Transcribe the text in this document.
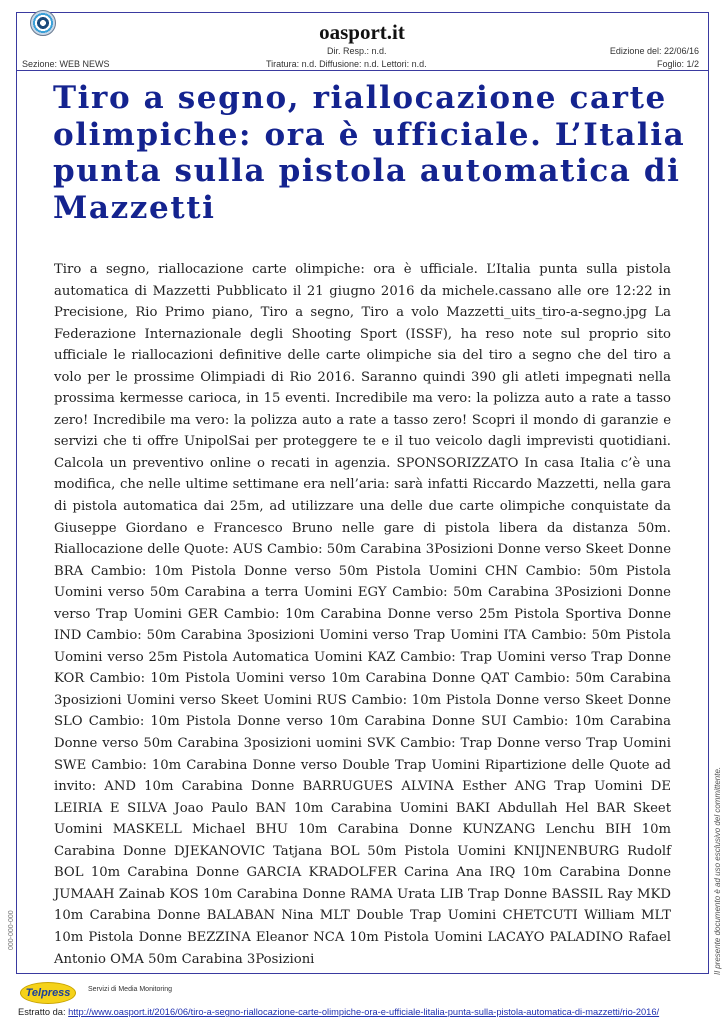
oasport.it
Dir. Resp.: n.d.	Edizione del: 22/06/16
Sezione: WEB NEWS	Tiratura: n.d. Diffusione: n.d. Lettori: n.d.	Foglio: 1/2
Tiro a segno, riallocazione carte olimpiche: ora è ufficiale. L’Italia punta sulla pistola automatica di Mazzetti

Tiro a segno, riallocazione carte olimpiche: ora è ufficiale. L’Italia punta sulla pistola automatica di Mazzetti Pubblicato il 21 giugno 2016 da michele.cassano alle ore 12:22 in Precisione, Rio Primo piano, Tiro a segno, Tiro a volo Mazzetti_uits_tiro-a-segno.jpg La Federazione Internazionale degli Shooting Sport (ISSF), ha reso note sul proprio sito ufficiale le riallocazioni definitive delle carte olimpiche sia del tiro a segno che del tiro a volo per le prossime Olimpiadi di Rio 2016. Saranno quindi 390 gli atleti impegnati nella prossima kermesse carioca, in 15 eventi. Incredibile ma vero: la polizza auto a rate a tasso zero! Incredibile ma vero: la polizza auto a rate a tasso zero! Scopri il mondo di garanzie e servizi che ti offre UnipolSai per proteggere te e il tuo veicolo dagli imprevisti quotidiani. Calcola un preventivo online o recati in agenzia. SPONSORIZZATO In casa Italia c’è una modifica, che nelle ultime settimane era nell’aria: sarà infatti Riccardo Mazzetti, nella gara di pistola automatica dai 25m, ad utilizzare una delle due carte olimpiche conquistate da Giuseppe Giordano e Francesco Bruno nelle gare di pistola libera da distanza 50m. Riallocazione delle Quote: AUS Cambio: 50m Carabina 3Posizioni Donne verso Skeet Donne BRA Cambio: 10m Pistola Donne verso 50m Pistola Uomini CHN Cambio: 50m Pistola Uomini verso 50m Carabina a terra Uomini EGY Cambio: 50m Carabina 3Posizioni Donne verso Trap Uomini GER Cambio: 10m Carabina Donne verso 25m Pistola Sportiva Donne IND Cambio: 50m Carabina 3posizioni Uomini verso Trap Uomini ITA Cambio: 50m Pistola Uomini verso 25m Pistola Automatica Uomini KAZ Cambio: Trap Uomini verso Trap Donne KOR Cambio: 10m Pistola Uomini verso 10m Carabina Donne QAT Cambio: 50m Carabina 3posizioni Uomini verso Skeet Uomini RUS Cambio: 10m Pistola Donne verso Skeet Donne SLO Cambio: 10m Pistola Donne verso 10m Carabina Donne SUI Cambio: 10m Carabina Donne verso 50m Carabina 3posizioni uomini SVK Cambio: Trap Donne verso Trap Uomini SWE Cambio: 10m Carabina Donne verso Double Trap Uomini Ripartizione delle Quote ad invito: AND 10m Carabina Donne BARRUGUES ALVINA Esther ANG Trap Uomini DE LEIRIA E SILVA Joao Paulo BAN 10m Carabina Uomini BAKI Abdullah Hel BAR Skeet Uomini MASKELL Michael BHU 10m Carabina Donne KUNZANG Lenchu BIH 10m Carabina Donne DJEKANOVIC Tatjana BOL 50m Pistola Uomini KNIJNENBURG Rudolf BOL 10m Carabina Donne GARCIA KRADOLFER Carina Ana IRQ 10m Carabina Donne JUMAAH Zainab KOS 10m Carabina Donne RAMA Urata LIB Trap Donne BASSIL Ray MKD 10m Carabina Donne BALABAN Nina MLT Double Trap Uomini CHETCUTI William MLT 10m Pistola Donne BEZZINA Eleanor NCA 10m Pistola Uomini LACAYO PALADINO Rafael Antonio OMA 50m Carabina 3Posizioni	Il presente documento è ad uso esclusivo del committente.
000-000-000
Telpress	Servizi di Media Monitoring
Estratto da: http://www.oasport.it/2016/06/tiro-a-segno-riallocazione-carte-olimpiche-ora-e-ufficiale-litalia-punta-sulla-pistola-automatica-di-mazzetti/rio-2016/
